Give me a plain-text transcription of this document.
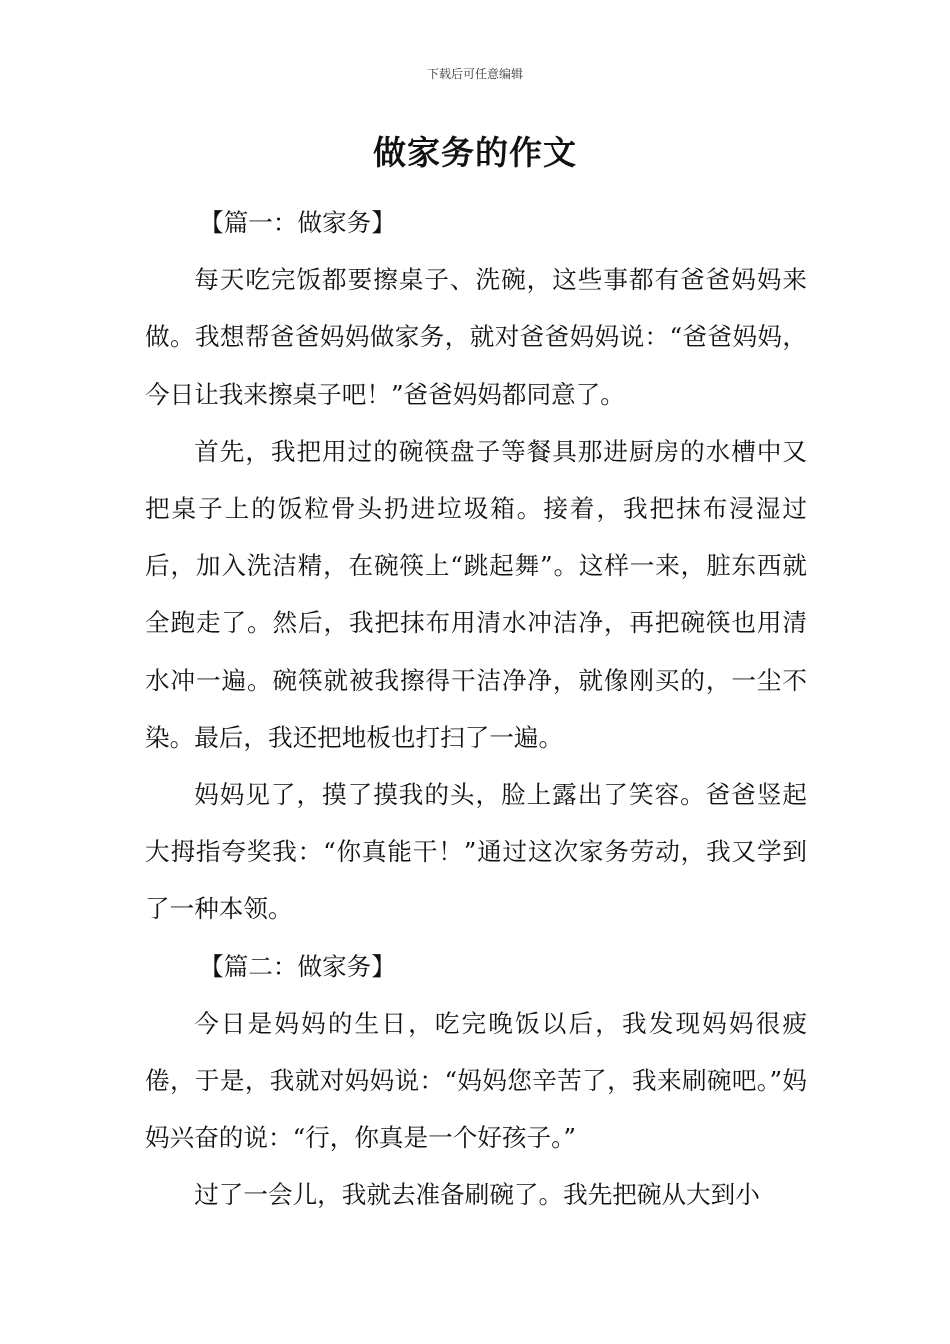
下载后可任意编辑
做家务的作文

【篇一：做家务】

每天吃完饭都要擦桌子、洗碗，这些事都有爸爸妈妈来做。我想帮爸爸妈妈做家务，就对爸爸妈妈说：“爸爸妈妈，今日让我来擦桌子吧！”爸爸妈妈都同意了。

首先，我把用过的碗筷盘子等餐具那进厨房的水槽中又把桌子上的饭粒骨头扔进垃圾箱。接着，我把抹布浸湿过后，加入洗洁精，在碗筷上“跳起舞”。这样一来，脏东西就全跑走了。然后，我把抹布用清水冲洁净，再把碗筷也用清水冲一遍。碗筷就被我擦得干洁净净，就像刚买的，一尘不染。最后，我还把地板也打扫了一遍。

妈妈见了，摸了摸我的头，脸上露出了笑容。爸爸竖起大拇指夸奖我：“你真能干！”通过这次家务劳动，我又学到了一种本领。

【篇二：做家务】

今日是妈妈的生日，吃完晚饭以后，我发现妈妈很疲倦，于是，我就对妈妈说：“妈妈您辛苦了，我来刷碗吧。”妈妈兴奋的说：“行，你真是一个好孩子。”

过了一会儿，我就去准备刷碗了。我先把碗从大到小
